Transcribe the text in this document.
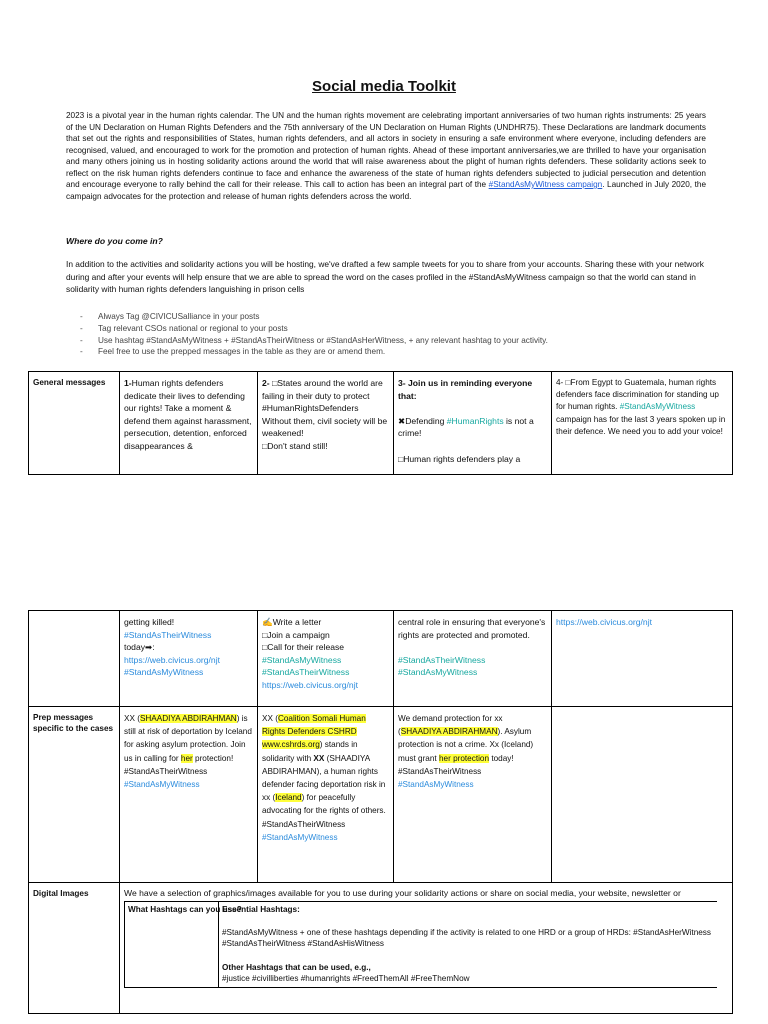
Social media Toolkit
2023 is a pivotal year in the human rights calendar. The UN and the human rights movement are celebrating important anniversaries of two human rights instruments: 25 years of the UN Declaration on Human Rights Defenders and the 75th anniversary of the UN Declaration on Human Rights (UNDHR75). These Declarations are landmark documents that set out the rights and responsibilities of States, human rights defenders, and all actors in society in ensuring a safe environment where everyone, including defenders are recognised, valued, and encouraged to work for the promotion and protection of human rights. Ahead of these important anniversaries,we are thrilled to have your organisation and many others joining us in hosting solidarity actions around the world that will raise awareness about the plight of human rights defenders. These solidarity actions seek to reflect on the risk human rights defenders continue to face and enhance the awareness of the state of human rights defenders subjected to judicial persecution and detention and encourage everyone to rally behind the call for their release. This call to action has been an integral part of the #StandAsMyWitness campaign. Launched in July 2020, the campaign advocates for the protection and release of human rights defenders across the world.
Where do you come in?
In addition to the activities and solidarity actions you will be hosting, we've drafted a few sample tweets for you to share from your accounts. Sharing these with your network during and after your events will help ensure that we are able to spread the word on the cases profiled in the #StandAsMyWitness campaign so that the world can stand in solidarity with human rights defenders languishing in prison cells
- Always Tag @CIVICUSalliance in your posts
- Tag relevant CSOs national or regional to your posts
- Use hashtag #StandAsMyWitness + #StandAsTheirWitness or #StandAsHerWitness, + any relevant hashtag to your activity.
- Feel free to use the prepped messages in the table as they are or amend them.
General messages	1-Human rights defenders dedicate their lives to defending our rights! Take a moment & defend them against harassment, persecution, detention, enforced disappearances &	2- □States around the world are failing in their duty to protect #HumanRightsDefenders Without them, civil society will be weakened!
□Don't stand still!	3- Join us in reminding everyone that:

✖Defending #HumanRights is not a crime!

□Human rights defenders play a	4- □From Egypt to Guatemala, human rights defenders face discrimination for standing up for human rights. #StandAsMyWitness campaign has for the last 3 years spoken up in their defence. We need you to add your voice!
	getting killed!
#StandAsTheirWitness
today➡:
https://web.civicus.org/njt
#StandAsMyWitness	✍Write a letter
□Join a campaign
□Call for their release
#StandAsMyWitness
#StandAsTheirWitness
https://web.civicus.org/njt	central role in ensuring that everyone's rights are protected and promoted.

#StandAsTheirWitness
#StandAsMyWitness	https://web.civicus.org/njt
Prep messages specific to the cases	XX (SHAADIYA ABDIRAHMAN) is still at risk of deportation by Iceland for asking asylum protection. Join us in calling for her protection!
#StandAsTheirWitness
#StandAsMyWitness	XX (Coalition Somali Human Rights Defenders CSHRD www.cshrds.org) stands in solidarity with XX (SHAADIYA ABDIRAHMAN), a human rights defender facing deportation risk in xx (Iceland) for peacefully advocating for the rights of others.
#StandAsTheirWitness
#StandAsMyWitness	We demand protection for xx (SHAADIYA ABDIRAHMAN). Asylum protection is not a crime. Xx (Iceland) must grant her protection today! #StandAsTheirWitness
#StandAsMyWitness	
Digital Images	We have a selection of graphics/images available for you to use during your solidarity actions or share on social media, your website, newsletter or
What Hashtags can you use?	Essential Hashtags:

#StandAsMyWitness + one of these hashtags depending if the activity is related to one HRD or a group of HRDs: #StandAsHerWitness #StandAsTheirWitness #StandAsHisWitness

Other Hashtags that can be used, e.g.,
#justice #civilliberties #humanrights #FreedThemAll #FreeThemNow
